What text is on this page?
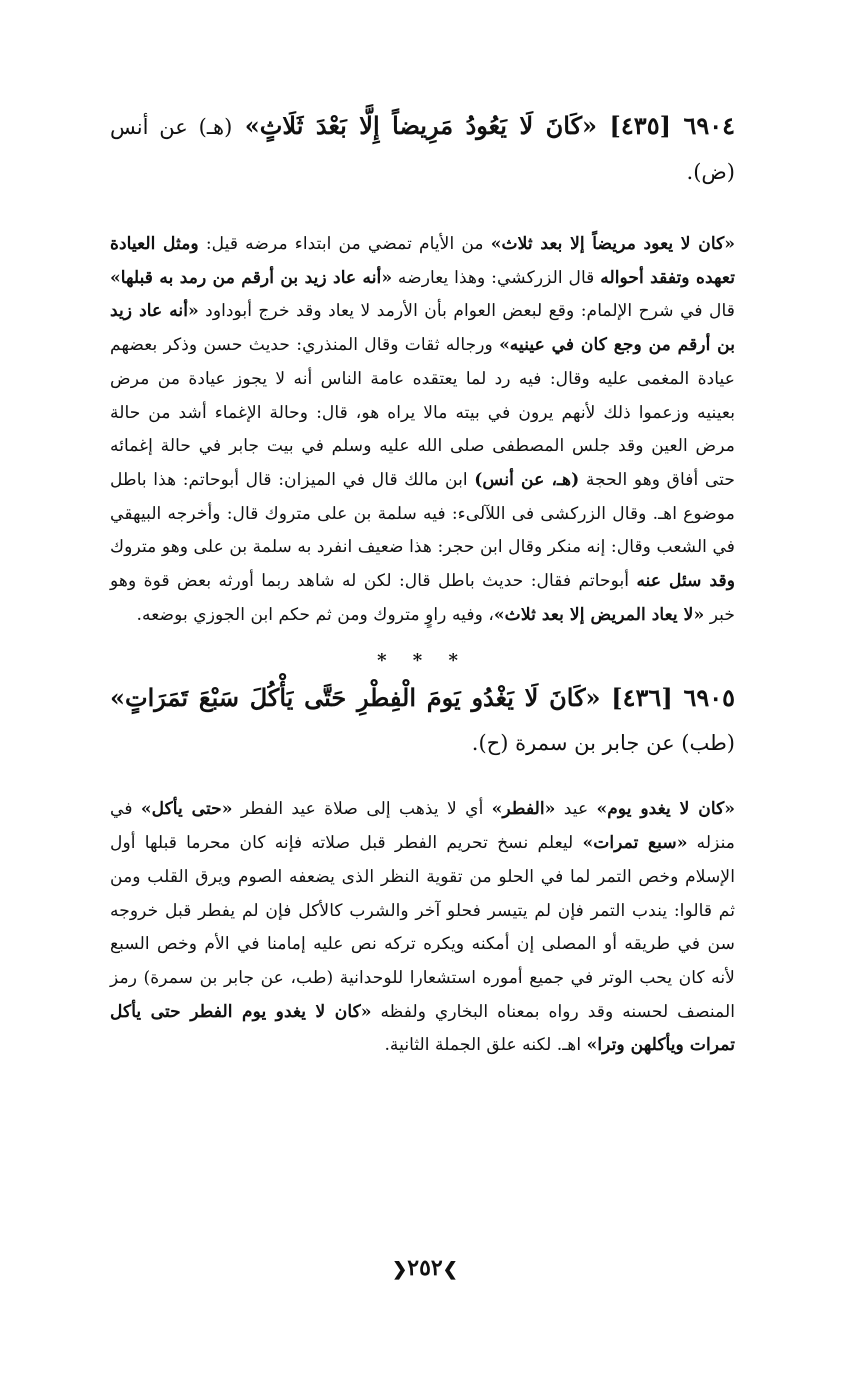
٦٩٠٤ [٤٣٥] «كَانَ لَا يَعُودُ مَرِيضاً إِلَّا بَعْدَ ثَلَاثٍ» (هـ) عن أنس (ض).

«كان لا يعود مريضاً إلا بعد ثلاث» من الأيام تمضي من ابتداء مرضه قيل: ومثل العيادة تعهده وتفقد أحواله قال الزركشي: وهذا يعارضه «أنه عاد زيد بن أرقم من رمد به قبلها» قال في شرح الإلمام: وقع لبعض العوام بأن الأرمد لا يعاد وقد خرج أبوداود «أنه عاد زيد بن أرقم من وجع كان في عينيه» ورجاله ثقات وقال المنذري: حديث حسن وذكر بعضهم عيادة المغمى عليه وقال: فيه رد لما يعتقده عامة الناس أنه لا يجوز عيادة من مرض بعينيه وزعموا ذلك لأنهم يرون في بيته مالا يراه هو، قال: وحالة الإغماء أشد من حالة مرض العين وقد جلس المصطفى صلى الله عليه وسلم في بيت جابر في حالة إغمائه حتى أفاق وهو الحجة (هـ، عن أنس) ابن مالك قال في الميزان: قال أبوحاتم: هذا باطل موضوع اهـ. وقال الزركشى فى اللآلىء: فيه سلمة بن على متروك قال: وأخرجه البيهقي في الشعب وقال: إنه منكر وقال ابن حجر: هذا ضعيف انفرد به سلمة بن على وهو متروك وقد سئل عنه أبوحاتم فقال: حديث باطل قال: لكن له شاهد ربما أورثه بعض قوة وهو خبر «لا يعاد المريض إلا بعد ثلاث»، وفيه راوٍ متروك ومن ثم حكم ابن الجوزي بوضعه.

* * *

٦٩٠٥ [٤٣٦] «كَانَ لَا يَغْدُو يَومَ الْفِطْرِ حَتَّى يَأْكُلَ سَبْعَ تَمَرَاتٍ» (طب) عن جابر بن سمرة (ح).

«كان لا يغدو يوم» عيد «الفطر» أي لا يذهب إلى صلاة عيد الفطر «حتى يأكل» في منزله «سبع تمرات» ليعلم نسخ تحريم الفطر قبل صلاته فإنه كان محرما قبلها أول الإسلام وخص التمر لما في الحلو من تقوية النظر الذى يضعفه الصوم ويرق القلب ومن ثم قالوا: يندب التمر فإن لم يتيسر فحلو آخر والشرب كالأكل فإن لم يفطر قبل خروجه سن في طريقه أو المصلى إن أمكنه ويكره تركه نص عليه إمامنا في الأم وخص السبع لأنه كان يحب الوتر في جميع أموره استشعارا للوحدانية (طب، عن جابر بن سمرة) رمز المنصف لحسنه وقد رواه بمعناه البخاري ولفظه «كان لا يغدو يوم الفطر حتى يأكل تمرات ويأكلهن وترا» اهـ. لكنه علق الجملة الثانية.

❯٢٥٢❮
